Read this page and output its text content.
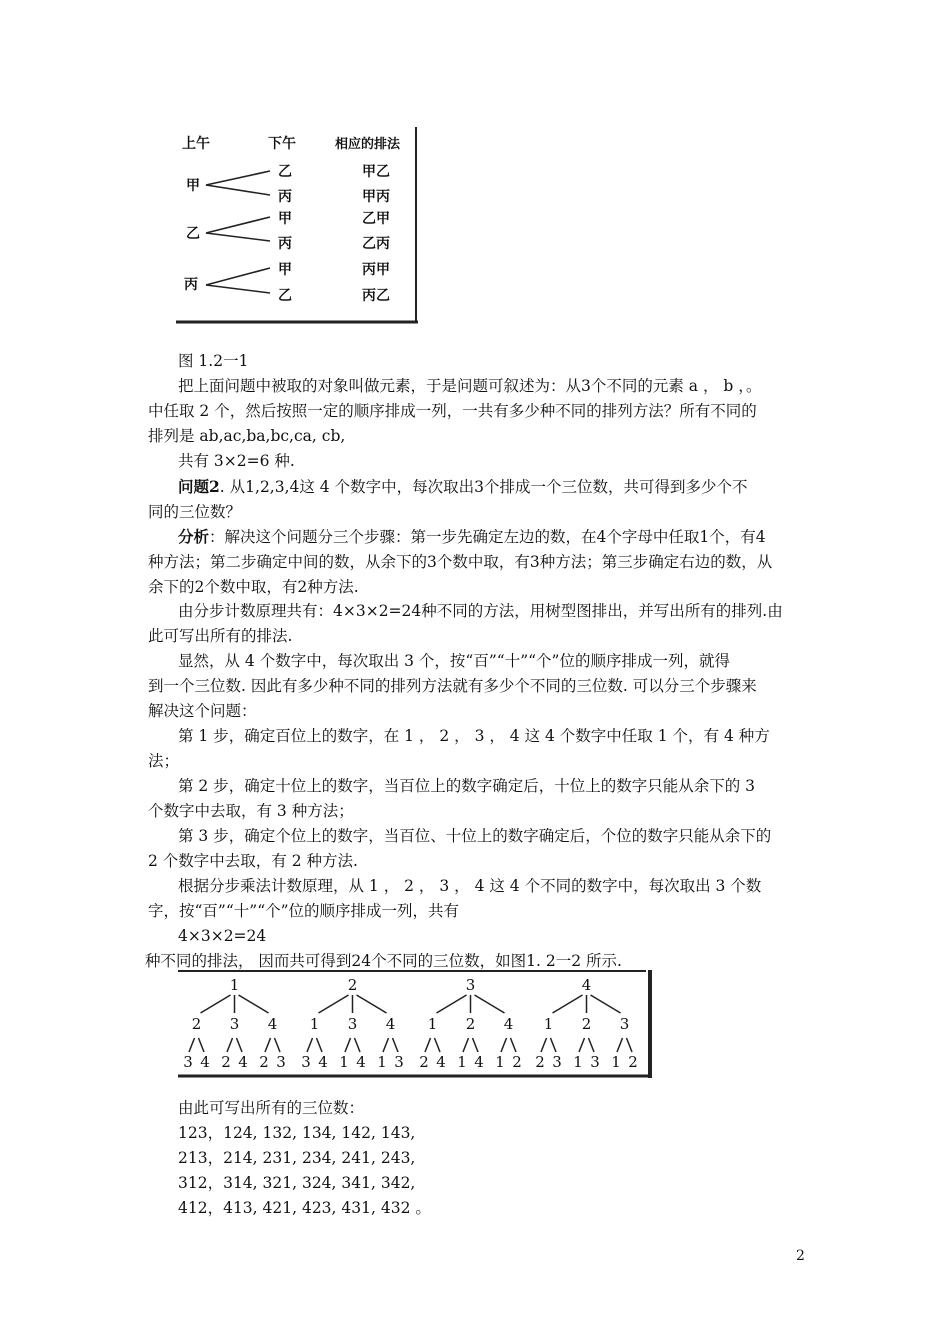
上午	下午	相应的排法
甲
乙
丙
甲乙
甲丙
乙
甲
丙
乙甲
乙丙
丙
甲
乙
丙甲
丙乙
图 1.2一1
把上面问题中被取的对象叫做元素，于是问题可叙述为：从3个不同的元素 a ， b ，。
中任取 2 个，然后按照一定的顺序排成一列，一共有多少种不同的排列方法？所有不同的
排列是 ab,ac,ba,bc,ca, cb,
共有 3×2=6 种.
问题2. 从1,2,3,4这 4 个数字中，每次取出3个排成一个三位数，共可得到多少个不
同的三位数？
分析：解决这个问题分三个步骤：第一步先确定左边的数，在4个字母中任取1个，有4
种方法；第二步确定中间的数，从余下的3个数中取，有3种方法；第三步确定右边的数，从
余下的2个数中取，有2种方法.
由分步计数原理共有：4×3×2=24种不同的方法，用树型图排出，并写出所有的排列.由
此可写出所有的排法.
显然，从 4 个数字中，每次取出 3 个，按“百”“十”“个”位的顺序排成一列，就得
到一个三位数. 因此有多少种不同的排列方法就有多少个不同的三位数. 可以分三个步骤来
解决这个问题：
第 1 步，确定百位上的数字，在 1 ， 2 ， 3 ， 4 这 4 个数字中任取 1 个，有 4 种方
法；
第 2 步，确定十位上的数字，当百位上的数字确定后，十位上的数字只能从余下的 3
个数字中去取，有 3 种方法；
第 3 步，确定个位上的数字，当百位、十位上的数字确定后，个位的数字只能从余下的
2 个数字中去取，有 2 种方法.
根据分步乘法计数原理，从 1 ， 2 ， 3 ， 4 这 4 个不同的数字中，每次取出 3 个数
字，按“百”“十”“个”位的顺序排成一列，共有
4×3×2=24
种不同的排法， 因而共可得到24个不同的三位数，如图1. 2一2 所示.
1
2 3 4
3 4 2 4 2 3
2
1 3 4
3 4 1 4 1 3
3
1 2 4
2 4 1 4 1 2
4
1 2 3
2 3 1 3 1 2
由此可写出所有的三位数：
123，124, 132, 134, 142, 143,
213，214, 231, 234, 241, 243,
312，314, 321, 324, 341, 342,
412，413, 421, 423, 431, 432 。
2
